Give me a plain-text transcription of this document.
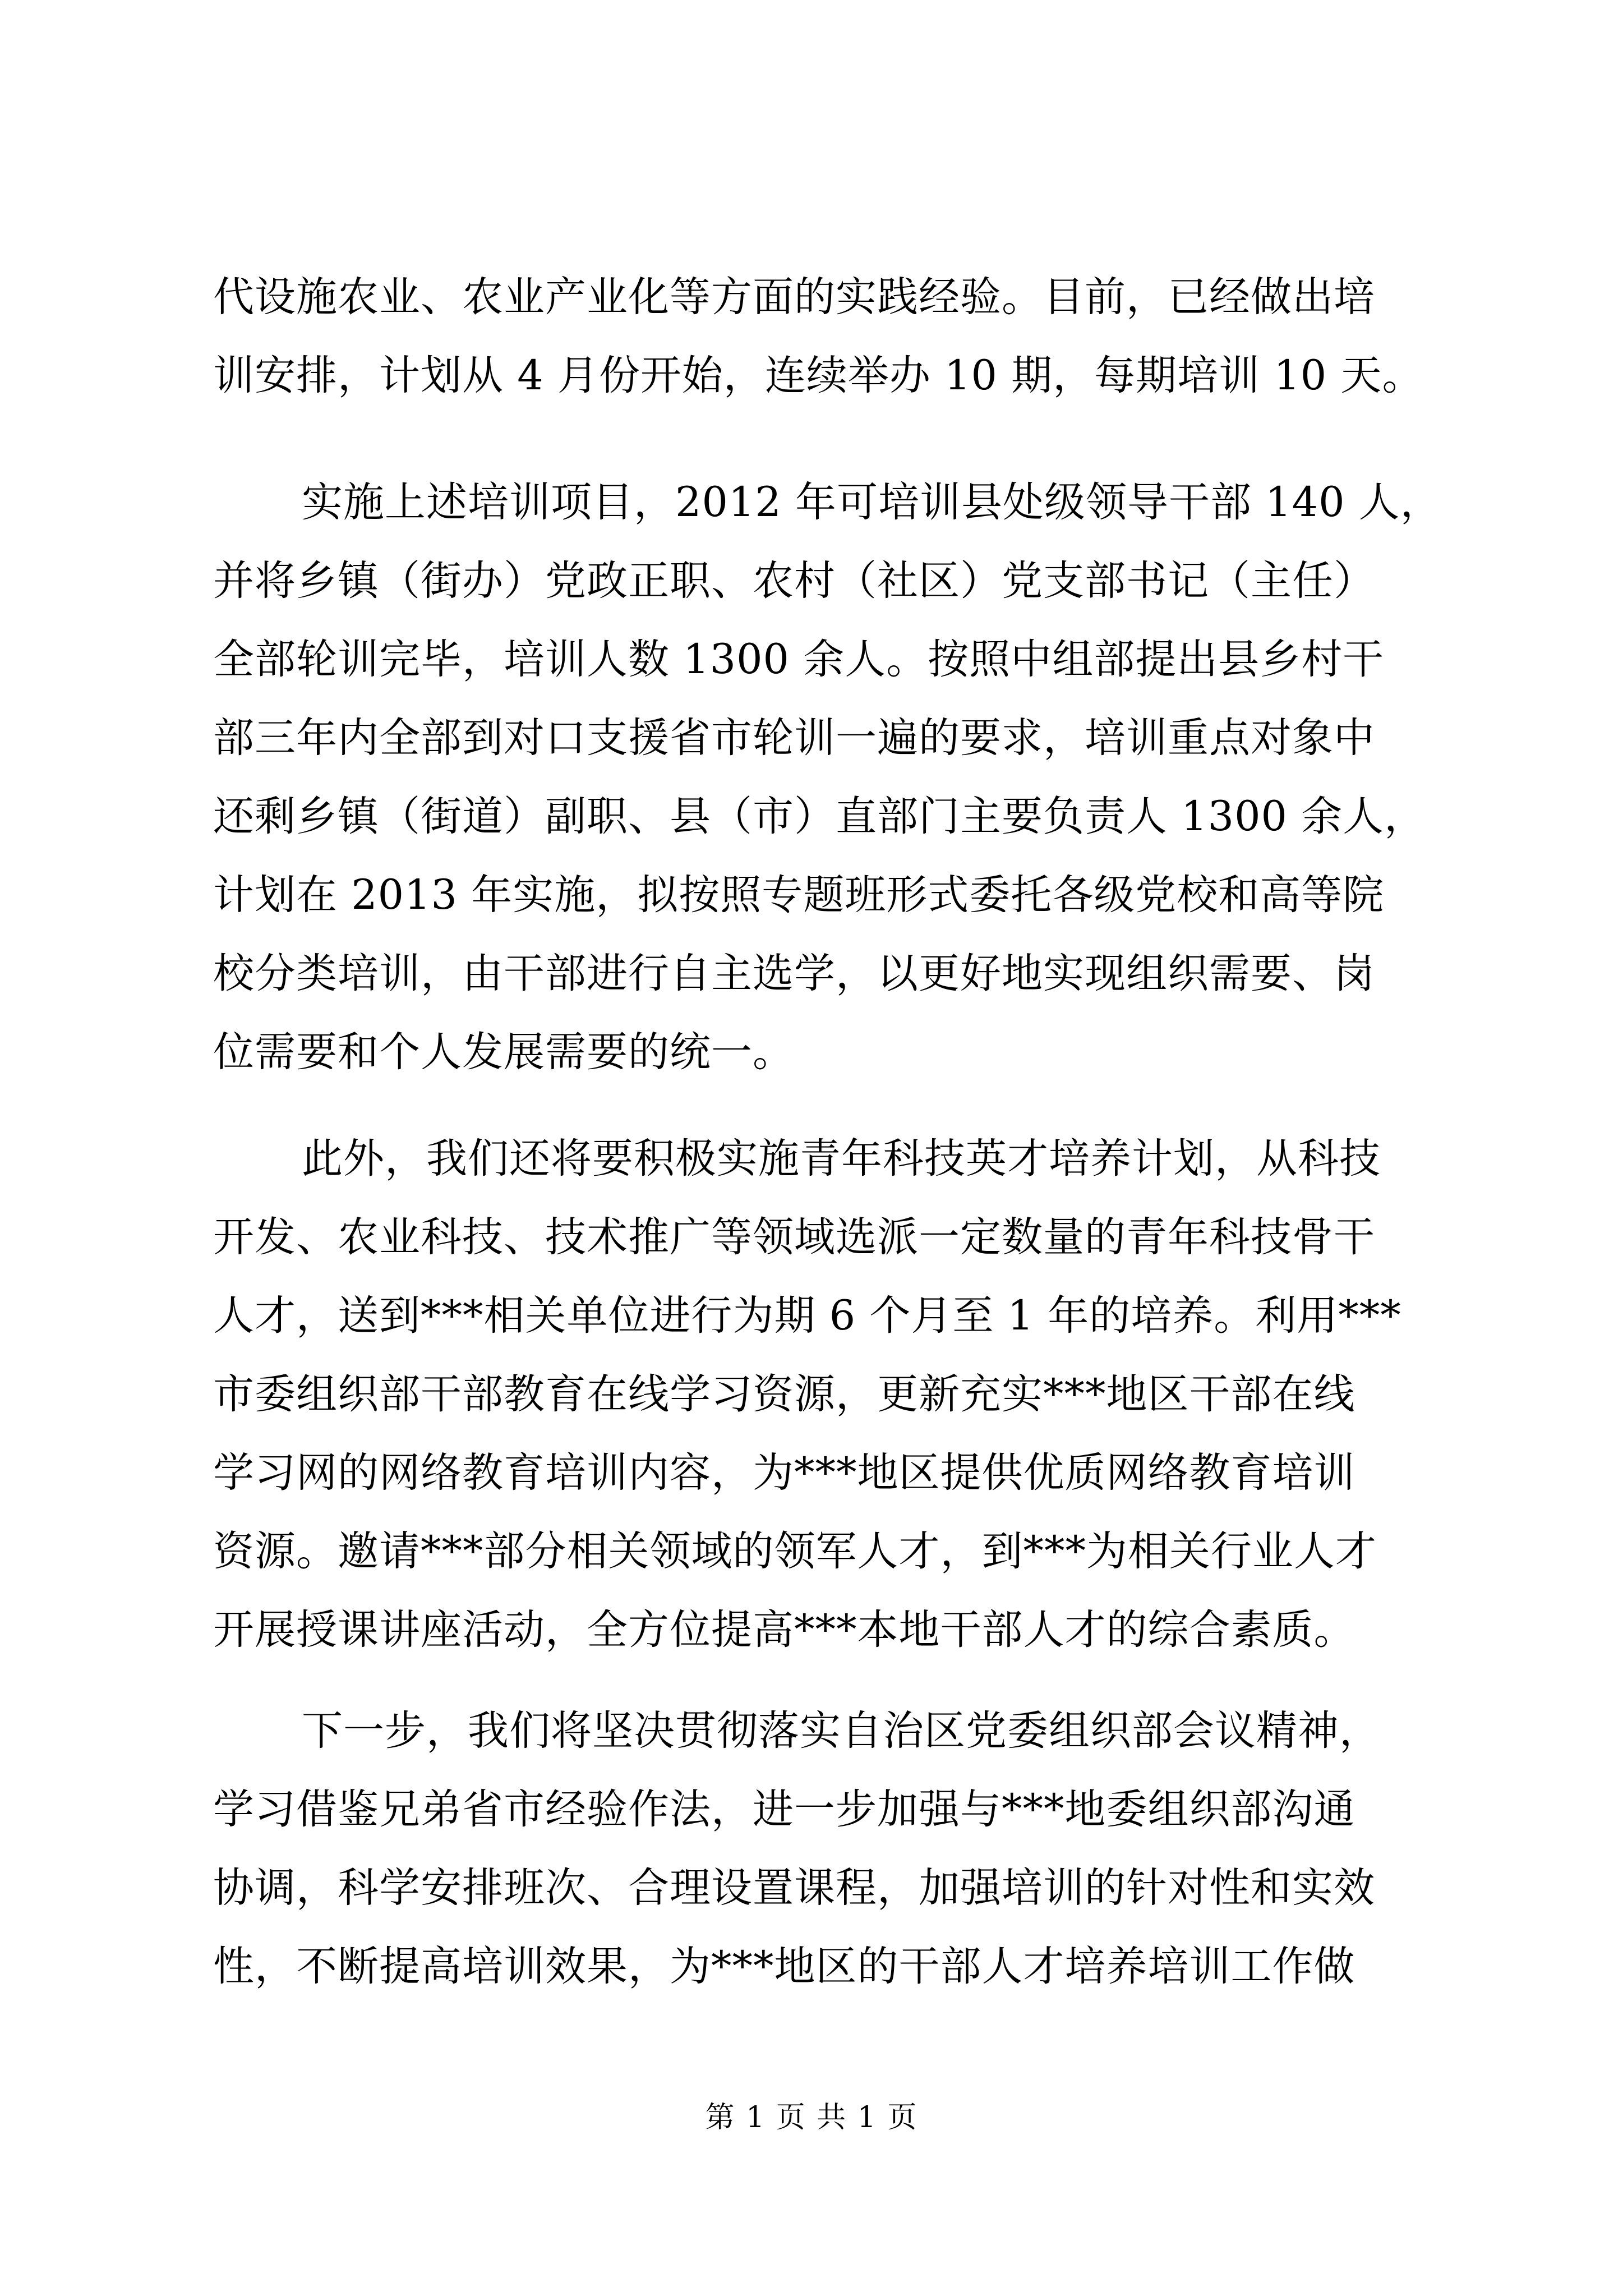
代设施农业、农业产业化等方面的实践经验。目前，已经做出培
训安排，计划从 4 月份开始，连续举办 10 期，每期培训 10 天。
实施上述培训项目，2012 年可培训县处级领导干部 140 人，
并将乡镇（街办）党政正职、农村（社区）党支部书记（主任）
全部轮训完毕，培训人数 1300 余人。按照中组部提出县乡村干
部三年内全部到对口支援省市轮训一遍的要求，培训重点对象中
还剩乡镇（街道）副职、县（市）直部门主要负责人 1300 余人，
计划在 2013 年实施，拟按照专题班形式委托各级党校和高等院
校分类培训，由干部进行自主选学，以更好地实现组织需要、岗
位需要和个人发展需要的统一。
此外，我们还将要积极实施青年科技英才培养计划，从科技
开发、农业科技、技术推广等领域选派一定数量的青年科技骨干
人才，送到***相关单位进行为期 6 个月至 1 年的培养。利用***
市委组织部干部教育在线学习资源，更新充实***地区干部在线
学习网的网络教育培训内容，为***地区提供优质网络教育培训
资源。邀请***部分相关领域的领军人才，到***为相关行业人才
开展授课讲座活动，全方位提高***本地干部人才的综合素质。
下一步，我们将坚决贯彻落实自治区党委组织部会议精神，
学习借鉴兄弟省市经验作法，进一步加强与***地委组织部沟通
协调，科学安排班次、合理设置课程，加强培训的针对性和实效
性，不断提高培训效果，为***地区的干部人才培养培训工作做
第 1 页 共 1 页
